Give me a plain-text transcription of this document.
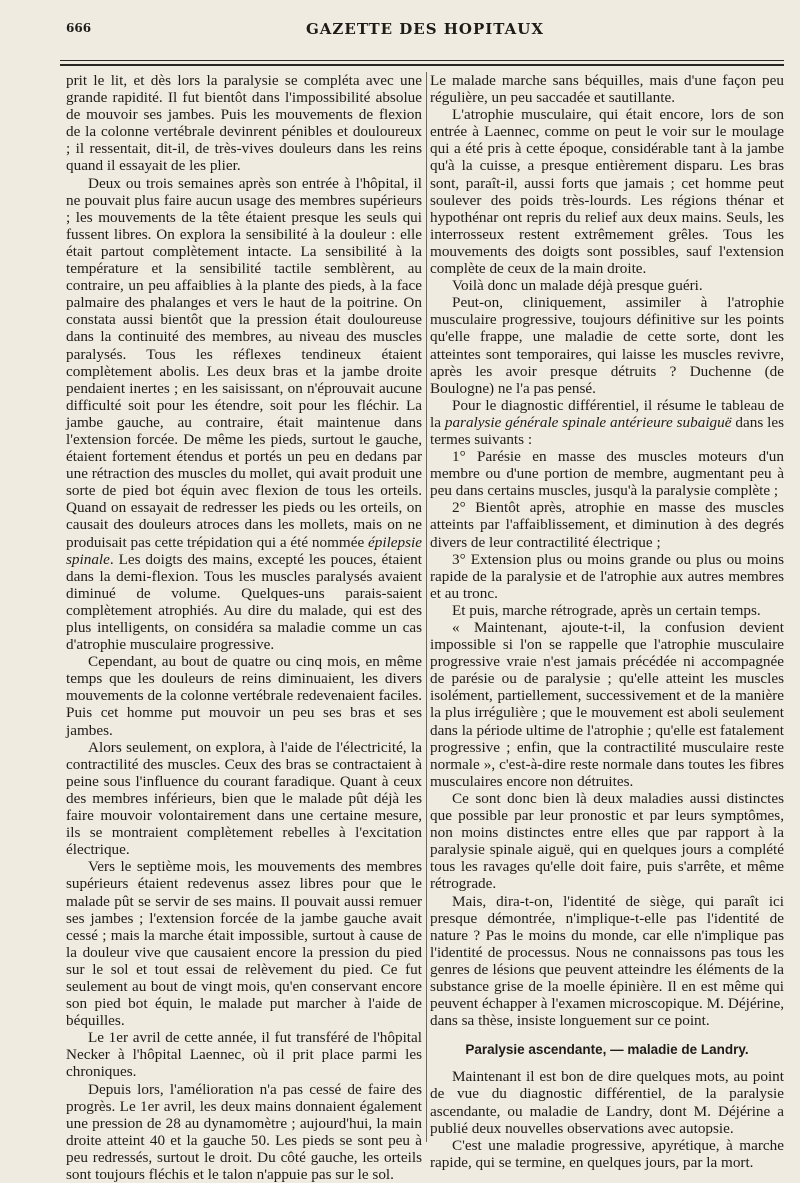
666	GAZETTE DES HOPITAUX

prit le lit, et dès lors la paralysie se compléta avec une grande rapidité. Il fut bientôt dans l'impossibilité absolue de mouvoir ses jambes. Puis les mouvements de flexion de la colonne vertébrale devinrent pénibles et douloureux ; il ressentait, dit-il, de très-vives douleurs dans les reins quand il essayait de les plier.

Deux ou trois semaines après son entrée à l'hôpital, il ne pouvait plus faire aucun usage des membres supérieurs ; les mouvements de la tête étaient presque les seuls qui fussent libres. On explora la sensibilité à la douleur : elle était partout complètement intacte. La sensibilité à la température et la sensibilité tactile semblèrent, au contraire, un peu affaiblies à la plante des pieds, à la face palmaire des phalanges et vers le haut de la poitrine. On constata aussi bientôt que la pression était douloureuse dans la continuité des membres, au niveau des muscles paralysés. Tous les réflexes tendineux étaient complètement abolis. Les deux bras et la jambe droite pendaient inertes ; en les saisissant, on n'éprouvait aucune difficulté soit pour les étendre, soit pour les fléchir. La jambe gauche, au contraire, était maintenue dans l'extension forcée. De même les pieds, surtout le gauche, étaient fortement étendus et portés un peu en dedans par une rétraction des muscles du mollet, qui avait produit une sorte de pied bot équin avec flexion de tous les orteils. Quand on essayait de redresser les pieds ou les orteils, on causait des douleurs atroces dans les mollets, mais on ne produisait pas cette trépidation qui a été nommée épilepsie spinale. Les doigts des mains, excepté les pouces, étaient dans la demi-flexion. Tous les muscles paralysés avaient diminué de volume. Quelques-uns parais-saient complètement atrophiés. Au dire du malade, qui est des plus intelligents, on considéra sa maladie comme un cas d'atrophie musculaire progressive.

Cependant, au bout de quatre ou cinq mois, en même temps que les douleurs de reins diminuaient, les divers mouvements de la colonne vertébrale redevenaient faciles. Puis cet homme put mouvoir un peu ses bras et ses jambes.

Alors seulement, on explora, à l'aide de l'électricité, la contractilité des muscles. Ceux des bras se contractaient à peine sous l'influence du courant faradique. Quant à ceux des membres inférieurs, bien que le malade pût déjà les faire mouvoir volontairement dans une certaine mesure, ils se montraient complètement rebelles à l'excitation électrique.

Vers le septième mois, les mouvements des membres supérieurs étaient redevenus assez libres pour que le malade pût se servir de ses mains. Il pouvait aussi remuer ses jambes ; l'extension forcée de la jambe gauche avait cessé ; mais la marche était impossible, surtout à cause de la douleur vive que causaient encore la pression du pied sur le sol et tout essai de relèvement du pied. Ce fut seulement au bout de vingt mois, qu'en conservant encore son pied bot équin, le malade put marcher à l'aide de béquilles.

Le 1er avril de cette année, il fut transféré de l'hôpital Necker à l'hôpital Laennec, où il prit place parmi les chroniques.

Depuis lors, l'amélioration n'a pas cessé de faire des progrès. Le 1er avril, les deux mains donnaient également une pression de 28 au dynamomètre ; aujourd'hui, la main droite atteint 40 et la gauche 50. Les pieds se sont peu à peu redressés, surtout le droit. Du côté gauche, les orteils sont toujours fléchis et le talon n'appuie pas sur le sol.

Le malade marche sans béquilles, mais d'une façon peu régulière, un peu saccadée et sautillante.

L'atrophie musculaire, qui était encore, lors de son entrée à Laennec, comme on peut le voir sur le moulage qui a été pris à cette époque, considérable tant à la jambe qu'à la cuisse, a presque entièrement disparu. Les bras sont, paraît-il, aussi forts que jamais ; cet homme peut soulever des poids très-lourds. Les régions thénar et hypothénar ont repris du relief aux deux mains. Seuls, les interrosseux restent extrêmement grêles. Tous les mouvements des doigts sont possibles, sauf l'extension complète de ceux de la main droite.

Voilà donc un malade déjà presque guéri.

Peut-on, cliniquement, assimiler à l'atrophie musculaire progressive, toujours définitive sur les points qu'elle frappe, une maladie de cette sorte, dont les atteintes sont temporaires, qui laisse les muscles revivre, après les avoir presque détruits ? Duchenne (de Boulogne) ne l'a pas pensé.

Pour le diagnostic différentiel, il résume le tableau de la paralysie générale spinale antérieure subaiguë dans les termes suivants :

1° Parésie en masse des muscles moteurs d'un membre ou d'une portion de membre, augmentant peu à peu dans certains muscles, jusqu'à la paralysie complète ;

2° Bientôt après, atrophie en masse des muscles atteints par l'affaiblissement, et diminution à des degrés divers de leur contractilité électrique ;

3° Extension plus ou moins grande ou plus ou moins rapide de la paralysie et de l'atrophie aux autres membres et au tronc.

Et puis, marche rétrograde, après un certain temps.

« Maintenant, ajoute-t-il, la confusion devient impossible si l'on se rappelle que l'atrophie musculaire progressive vraie n'est jamais précédée ni accompagnée de parésie ou de paralysie ; qu'elle atteint les muscles isolément, partiellement, successivement et de la manière la plus irrégulière ; que le mouvement est aboli seulement dans la période ultime de l'atrophie ; qu'elle est fatalement progressive ; enfin, que la contractilité musculaire reste normale », c'est-à-dire reste normale dans toutes les fibres musculaires encore non détruites.

Ce sont donc bien là deux maladies aussi distinctes que possible par leur pronostic et par leurs symptômes, non moins distinctes entre elles que par rapport à la paralysie spinale aiguë, qui en quelques jours a complété tous les ravages qu'elle doit faire, puis s'arrête, et même rétrograde.

Mais, dira-t-on, l'identité de siège, qui paraît ici presque démontrée, n'implique-t-elle pas l'identité de nature ? Pas le moins du monde, car elle n'implique pas l'identité de processus. Nous ne connaissons pas tous les genres de lésions que peuvent atteindre les éléments de la substance grise de la moelle épinière. Il en est même qui peuvent échapper à l'examen microscopique. M. Déjérine, dans sa thèse, insiste longuement sur ce point.

Paralysie ascendante, — maladie de Landry.

Maintenant il est bon de dire quelques mots, au point de vue du diagnostic différentiel, de la paralysie ascendante, ou maladie de Landry, dont M. Déjérine a publié deux nouvelles observations avec autopsie.

C'est une maladie progressive, apyrétique, à marche rapide, qui se termine, en quelques jours, par la mort.
